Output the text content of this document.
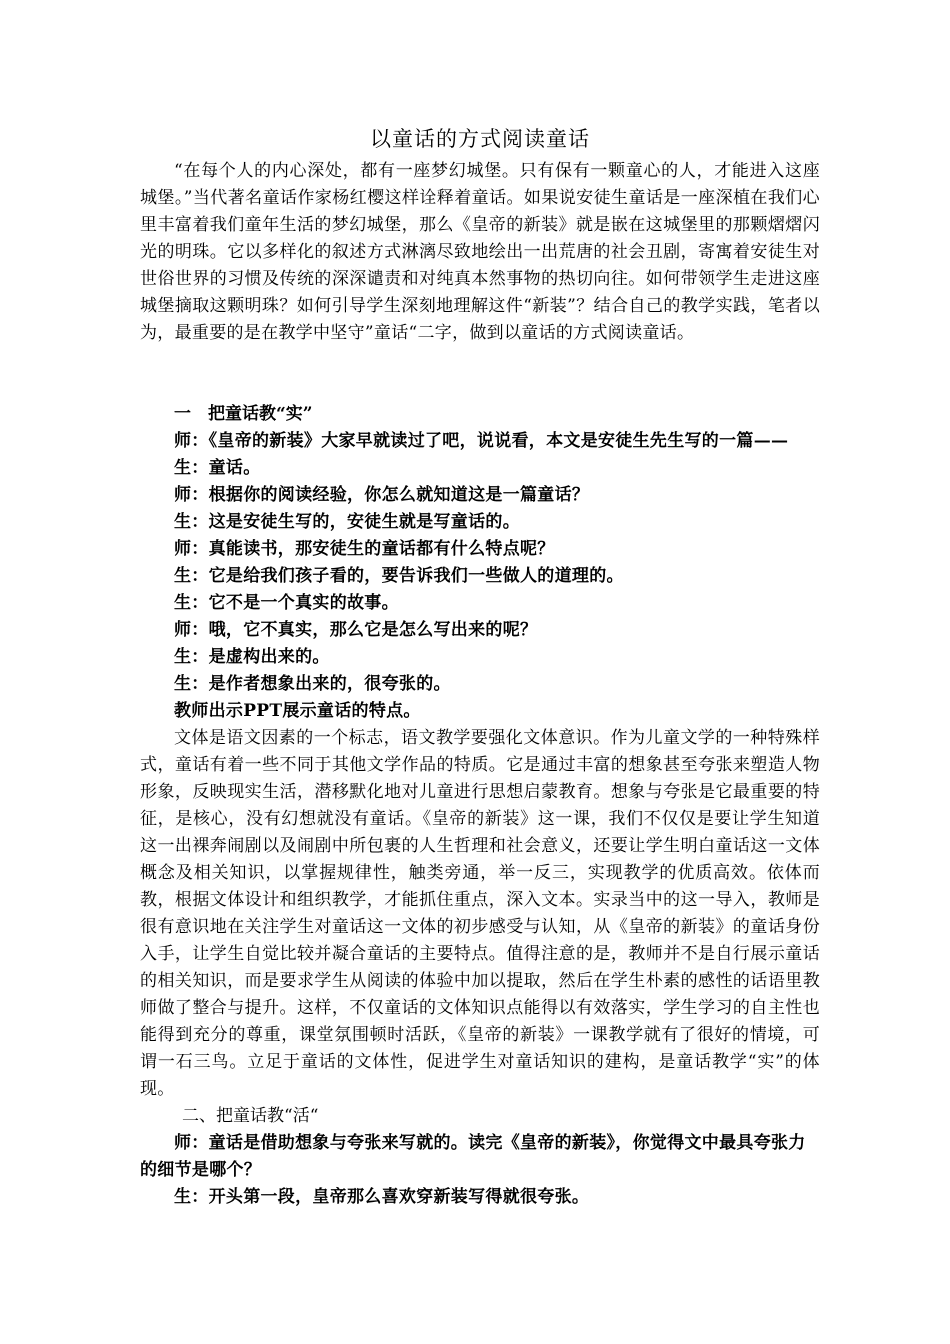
以童话的方式阅读童话

“在每个人的内心深处，都有一座梦幻城堡。只有保有一颗童心的人，才能进入这座城堡。”当代著名童话作家杨红樱这样诠释着童话。如果说安徒生童话是一座深植在我们心里丰富着我们童年生活的梦幻城堡，那么《皇帝的新装》就是嵌在这城堡里的那颗熠熠闪光的明珠。它以多样化的叙述方式淋漓尽致地绘出一出荒唐的社会丑剧，寄寓着安徒生对世俗世界的习惯及传统的深深谴责和对纯真本然事物的热切向往。如何带领学生走进这座城堡摘取这颗明珠？如何引导学生深刻地理解这件“新装”？结合自己的教学实践，笔者以为，最重要的是在教学中坚守”童话“二字，做到以童话的方式阅读童话。

一　把童话教“实”

师：《皇帝的新装》大家早就读过了吧，说说看，本文是安徒生先生写的一篇——

生：童话。

师：根据你的阅读经验，你怎么就知道这是一篇童话？

生：这是安徒生写的，安徒生就是写童话的。

师：真能读书，那安徒生的童话都有什么特点呢？

生：它是给我们孩子看的，要告诉我们一些做人的道理的。

生：它不是一个真实的故事。

师：哦，它不真实，那么它是怎么写出来的呢？

生：是虚构出来的。

生：是作者想象出来的，很夸张的。

教师出示PPT展示童话的特点。

文体是语文因素的一个标志，语文教学要强化文体意识。作为儿童文学的一种特殊样式，童话有着一些不同于其他文学作品的特质。它是通过丰富的想象甚至夸张来塑造人物形象，反映现实生活，潜移默化地对儿童进行思想启蒙教育。想象与夸张是它最重要的特征，是核心，没有幻想就没有童话。《皇帝的新装》这一课，我们不仅仅是要让学生知道这一出裸奔闹剧以及闹剧中所包裹的人生哲理和社会意义，还要让学生明白童话这一文体概念及相关知识，以掌握规律性，触类旁通，举一反三，实现教学的优质高效。依体而教，根据文体设计和组织教学，才能抓住重点，深入文本。实录当中的这一导入，教师是很有意识地在关注学生对童话这一文体的初步感受与认知，从《皇帝的新装》的童话身份入手，让学生自觉比较并凝合童话的主要特点。值得注意的是，教师并不是自行展示童话的相关知识，而是要求学生从阅读的体验中加以提取，然后在学生朴素的感性的话语里教师做了整合与提升。这样，不仅童话的文体知识点能得以有效落实，学生学习的自主性也能得到充分的尊重，课堂氛围顿时活跃，《皇帝的新装》一课教学就有了很好的情境，可谓一石三鸟。立足于童话的文体性，促进学生对童话知识的建构，是童话教学“实”的体现。

二、把童话教“活“

师：童话是借助想象与夸张来写就的。读完《皇帝的新装》，你觉得文中最具夸张力的细节是哪个？

生：开头第一段，皇帝那么喜欢穿新装写得就很夸张。
